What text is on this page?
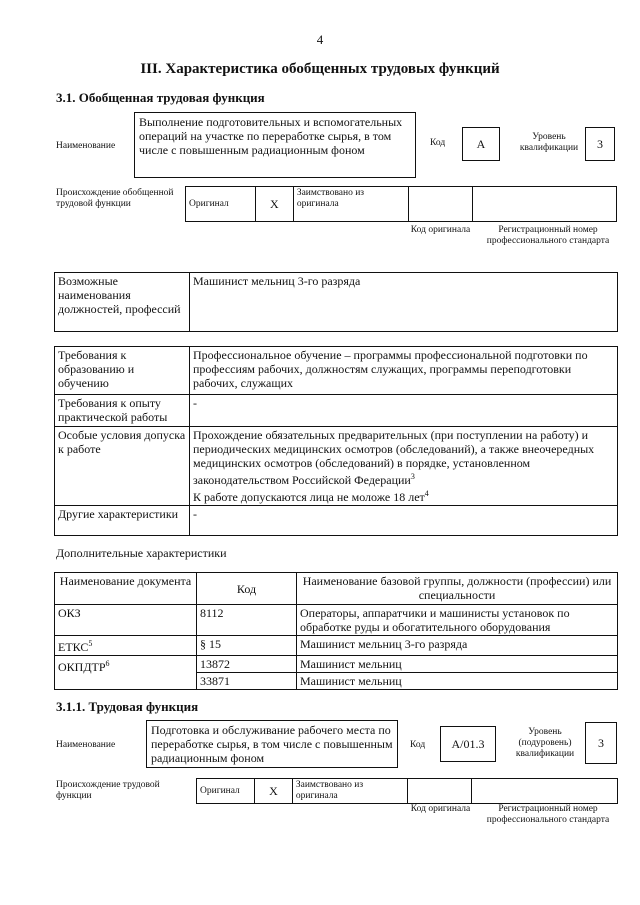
4
III. Характеристика обобщенных трудовых функций
3.1. Обобщенная трудовая функция
Наименование
Выполнение подготовительных и вспомогательных операций на участке по переработке сырья, в том числе с повышенным радиационным фоном	Код	А	Уровень квалификации	3
Происхождение обобщенной трудовой функции	Оригинал	Х	Заимствовано из оригинала		
Код оригинала	Регистрационный номер профессионального стандарта
Возможные наименования должностей, профессий	Машинист мельниц 3-го разряда
Требования к образованию и обучению	Профессиональное обучение – программы профессиональной подготовки по профессиям рабочих, должностям служащих, программы переподготовки рабочих, служащих
Требования к опыту практической работы	-
Особые условия допуска к работе	Прохождение обязательных предварительных (при поступлении на работу) и периодических медицинских осмотров (обследований), а также внеочередных медицинских осмотров (обследований) в порядке, установленном законодательством Российской Федерации$^3$
К работе допускаются лица не моложе 18 лет$^4$
Другие характеристики	-
Дополнительные характеристики
Наименование документа	Код	Наименование базовой группы, должности (профессии) или специальности
ОКЗ	8112	Операторы, аппаратчики и машинисты установок по обработке руды и обогатительного оборудования
ЕТКС$^5$	§ 15	Машинист мельниц 3-го разряда
ОКПДТР$^6$	13872	Машинист мельниц
	33871	Машинист мельниц
3.1.1. Трудовая функция
Наименование
Подготовка и обслуживание рабочего места по переработке сырья, в том числе с повышенным радиационным фоном
Код	А/01.3
Уровень (подуровень) квалификации
3
Происхождение трудовой функции
Оригинал	Х	Заимствовано из оригинала		
Код оригинала	Регистрационный номер профессионального стандарта
